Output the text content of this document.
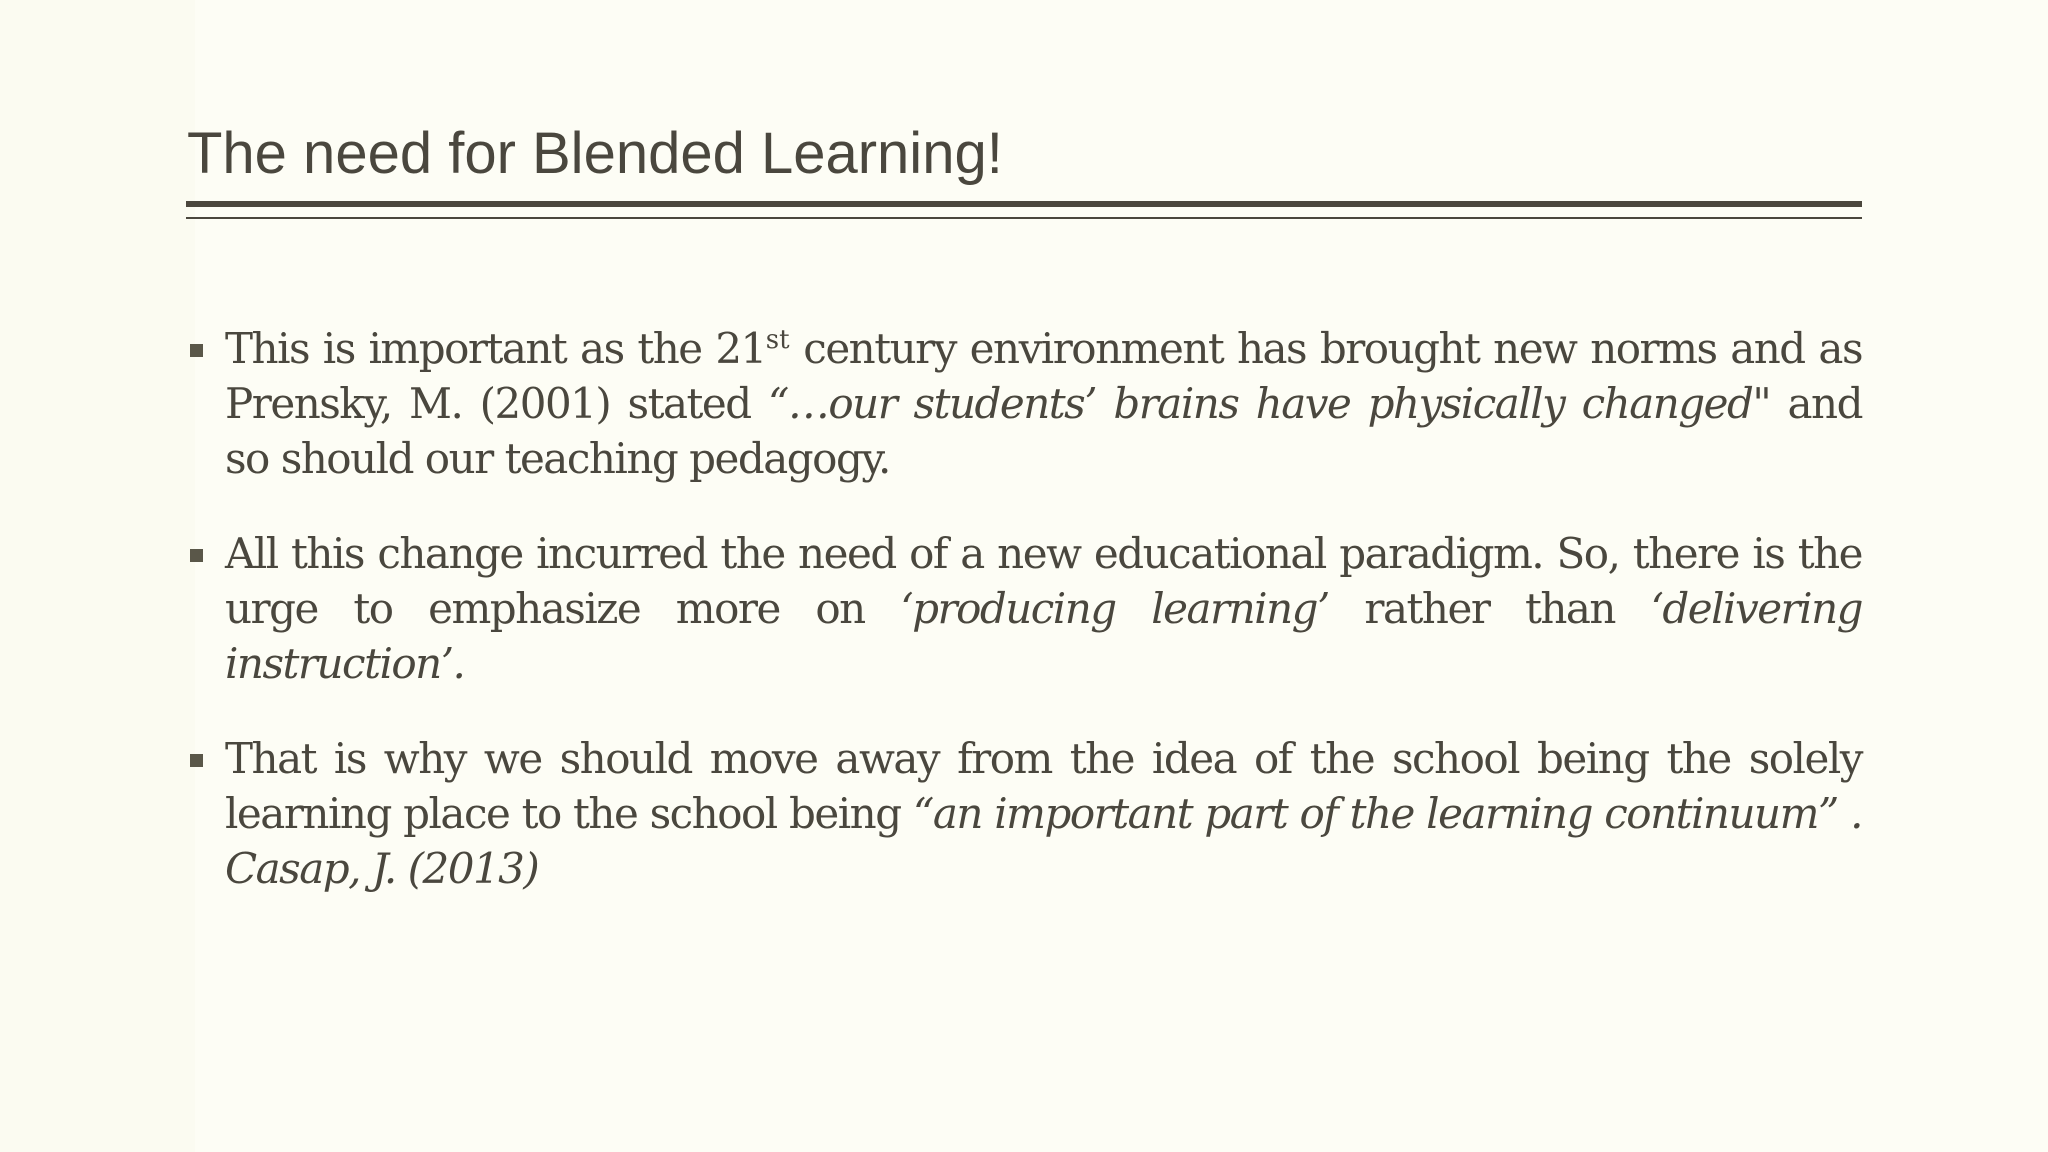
The need for Blended Learning!
This is important as the 21st century environment has brought new norms and as Prensky, M. (2001) stated “…our students’ brains have physically changed" and so should our teaching pedagogy.
All this change incurred the need of a new educational paradigm. So, there is the urge to emphasize more on ‘producing learning’ rather than ‘delivering instruction’.
That is why we should move away from the idea of the school being the solely learning place to the school being “an important part of the learning continuum” . Casap, J. (2013)
